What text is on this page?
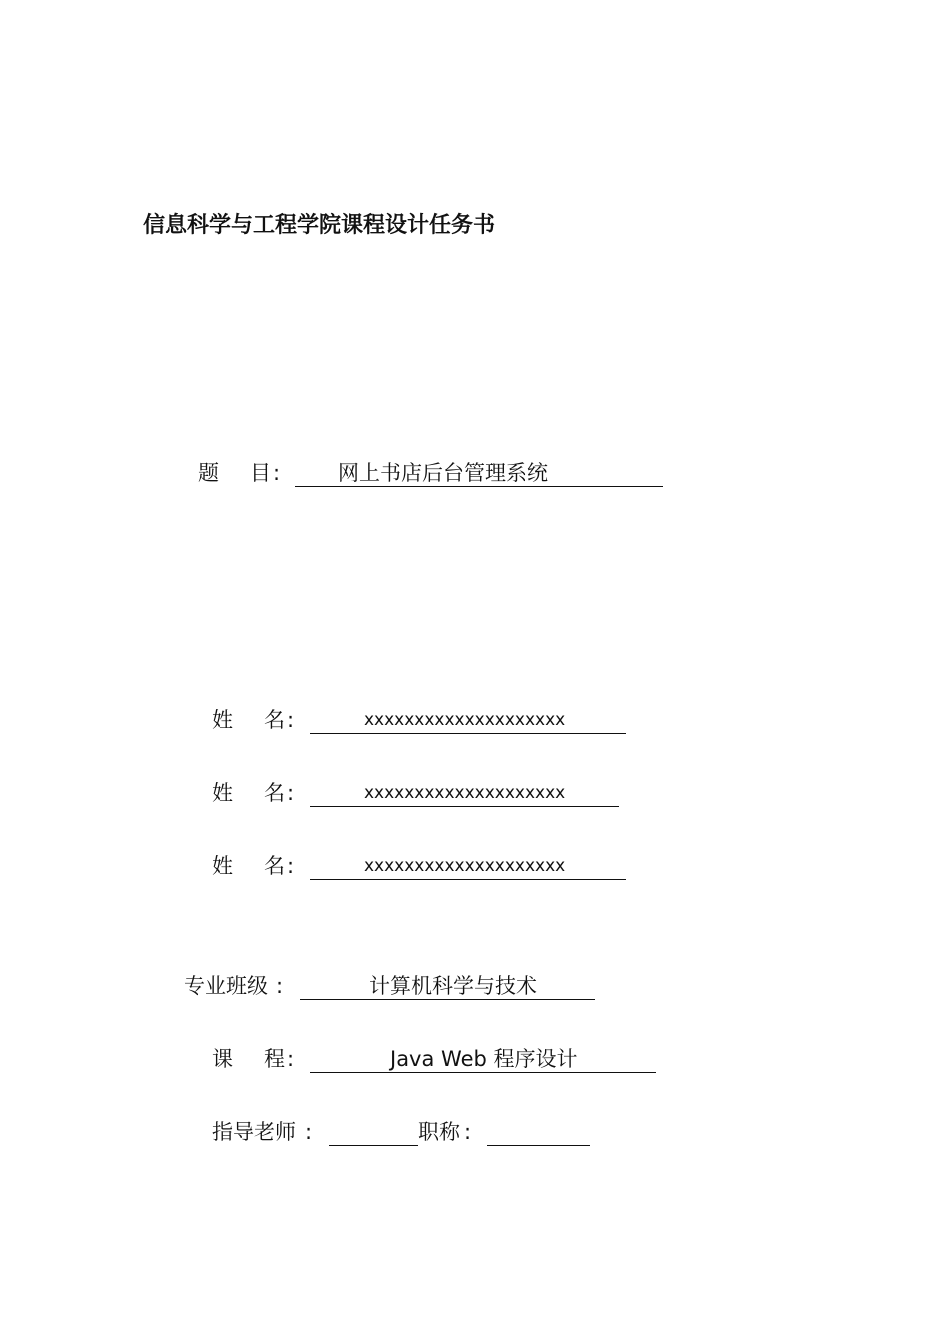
信息科学与工程学院课程设计任务书
题 目 :	网上书店后台管理系统
姓 名 :	xxxxxxxxxxxxxxxxxxxx
姓 名 :	xxxxxxxxxxxxxxxxxxxx
姓 名 :	xxxxxxxxxxxxxxxxxxxx
专业班级 :	计算机科学与技术
课 程 :	Java Web 程序设计
指导老师 :	职称 :
